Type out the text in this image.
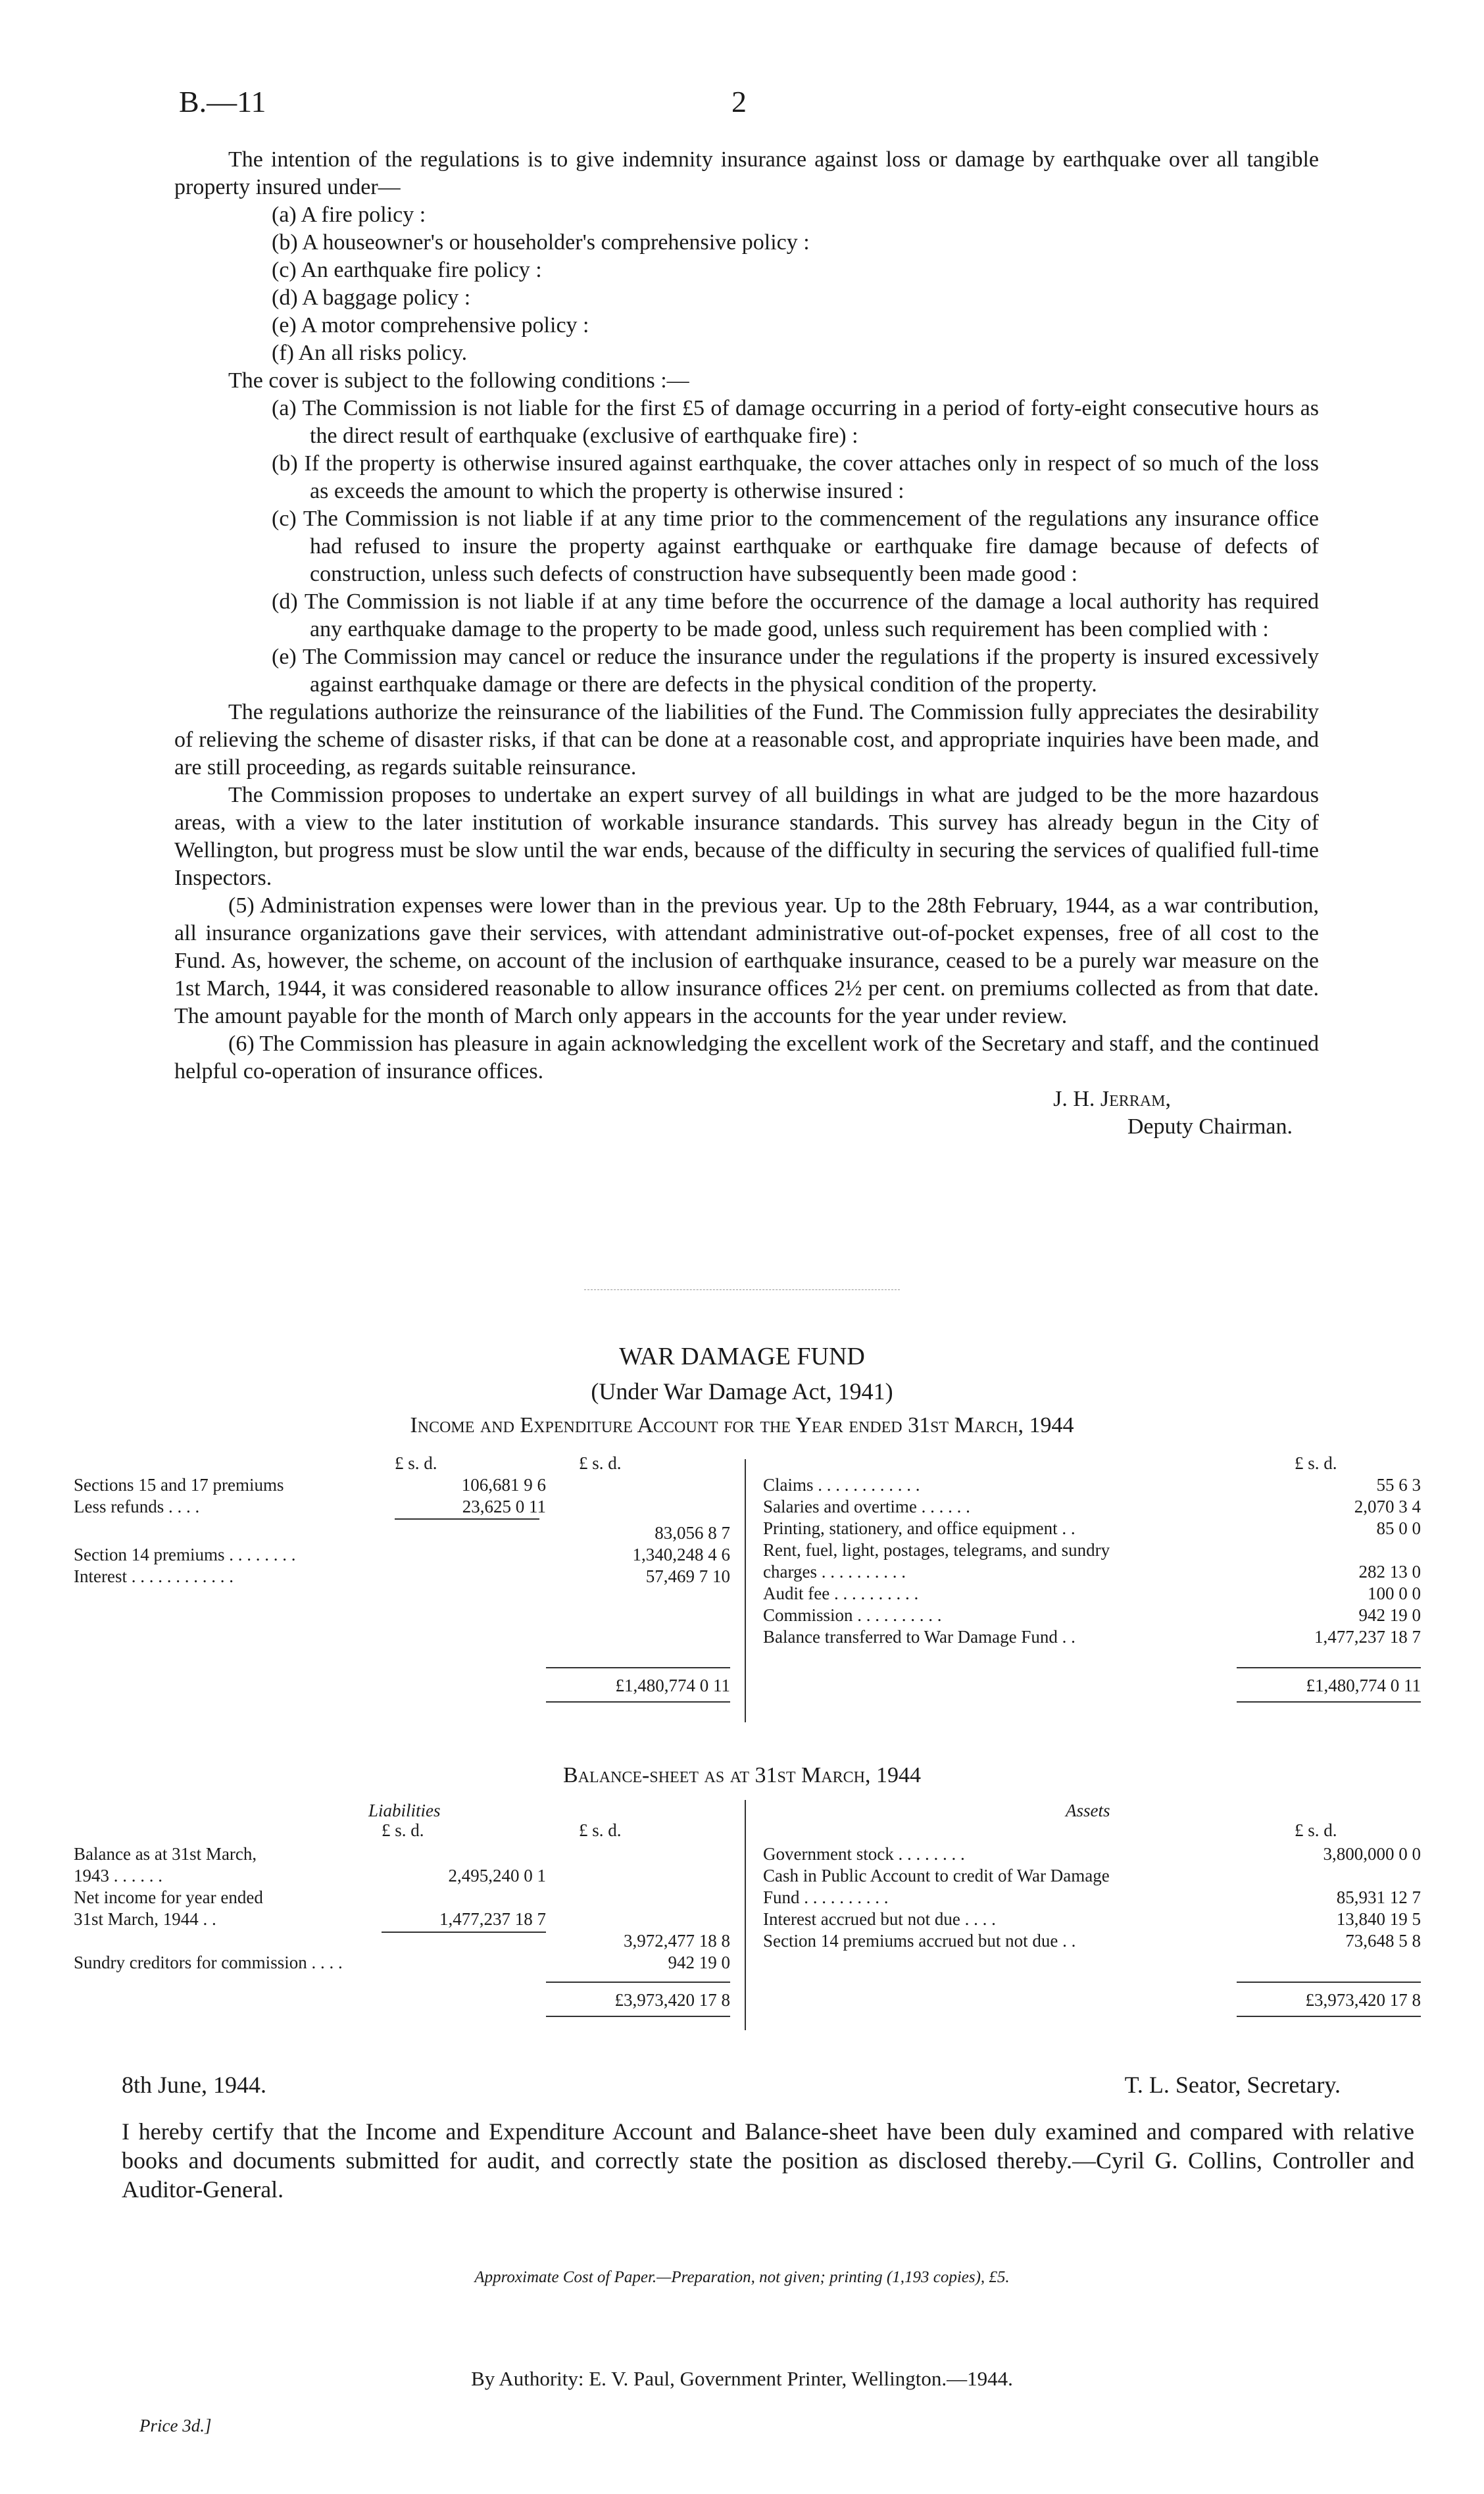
B.—11	2

The intention of the regulations is to give indemnity insurance against loss or damage by earthquake over all tangible property insured under—

(a) A fire policy :
(b) A houseowner's or householder's comprehensive policy :
(c) An earthquake fire policy :
(d) A baggage policy :
(e) A motor comprehensive policy :
(f) An all risks policy.

The cover is subject to the following conditions :—

(a) The Commission is not liable for the first £5 of damage occurring in a period of forty-eight consecutive hours as the direct result of earthquake (exclusive of earthquake fire) :
(b) If the property is otherwise insured against earthquake, the cover attaches only in respect of so much of the loss as exceeds the amount to which the property is otherwise insured :
(c) The Commission is not liable if at any time prior to the commencement of the regulations any insurance office had refused to insure the property against earthquake or earthquake fire damage because of defects of construction, unless such defects of construction have subsequently been made good :
(d) The Commission is not liable if at any time before the occurrence of the damage a local authority has required any earthquake damage to the property to be made good, unless such requirement has been complied with :
(e) The Commission may cancel or reduce the insurance under the regulations if the property is insured excessively against earthquake damage or there are defects in the physical condition of the property.

The regulations authorize the reinsurance of the liabilities of the Fund. The Commission fully appreciates the desirability of relieving the scheme of disaster risks, if that can be done at a reasonable cost, and appropriate inquiries have been made, and are still proceeding, as regards suitable reinsurance.

The Commission proposes to undertake an expert survey of all buildings in what are judged to be the more hazardous areas, with a view to the later institution of workable insurance standards. This survey has already begun in the City of Wellington, but progress must be slow until the war ends, because of the difficulty in securing the services of qualified full-time Inspectors.

(5) Administration expenses were lower than in the previous year. Up to the 28th February, 1944, as a war contribution, all insurance organizations gave their services, with attendant administrative out-of-pocket expenses, free of all cost to the Fund. As, however, the scheme, on account of the inclusion of earthquake insurance, ceased to be a purely war measure on the 1st March, 1944, it was considered reasonable to allow insurance offices 2½ per cent. on premiums collected as from that date. The amount payable for the month of March only appears in the accounts for the year under review.

(6) The Commission has pleasure in again acknowledging the excellent work of the Secretary and staff, and the continued helpful co-operation of insurance offices.

J. H. Jerram,
Deputy Chairman.
WAR DAMAGE FUND
(Under War Damage Act, 1941)
Income and Expenditure Account for the Year ended 31st March, 1944
£ s. d.	£ s. d.	£ s. d.
Sections 15 and 17 premiums	106,681 9 6
Less refunds . . . .	23,625 0 11
83,056 8 7
Section 14 premiums . . . . . . . .	1,340,248 4 6
Interest . . . . . . . . . . . .	57,469 7 10
£1,480,774 0 11
Claims . . . . . . . . . . . .	55 6 3
Salaries and overtime . . . . . .	2,070 3 4
Printing, stationery, and office equipment . .	85 0 0
Rent, fuel, light, postages, telegrams, and sundry
charges . . . . . . . . . .	282 13 0
Audit fee . . . . . . . . . .	100 0 0
Commission . . . . . . . . . .	942 19 0
Balance transferred to War Damage Fund . .	1,477,237 18 7
£1,480,774 0 11
Balance-sheet as at 31st March, 1944
Liabilities	Assets
£ s. d.	£ s. d.	£ s. d.
Balance as at 31st March,
1943 . . . . . .	2,495,240 0 1
Net income for year ended
31st March, 1944 . .	1,477,237 18 7
3,972,477 18 8
Sundry creditors for commission . . . .	942 19 0
£3,973,420 17 8
Government stock . . . . . . . .	3,800,000 0 0
Cash in Public Account to credit of War Damage
Fund . . . . . . . . . .	85,931 12 7
Interest accrued but not due . . . .	13,840 19 5
Section 14 premiums accrued but not due . .	73,648 5 8
£3,973,420 17 8
8th June, 1944.	T. L. Seator, Secretary.
I hereby certify that the Income and Expenditure Account and Balance-sheet have been duly examined and compared with relative books and documents submitted for audit, and correctly state the position as disclosed thereby.—Cyril G. Collins, Controller and Auditor-General.
Approximate Cost of Paper.—Preparation, not given; printing (1,193 copies), £5.
By Authority: E. V. Paul, Government Printer, Wellington.—1944.
Price 3d.]
